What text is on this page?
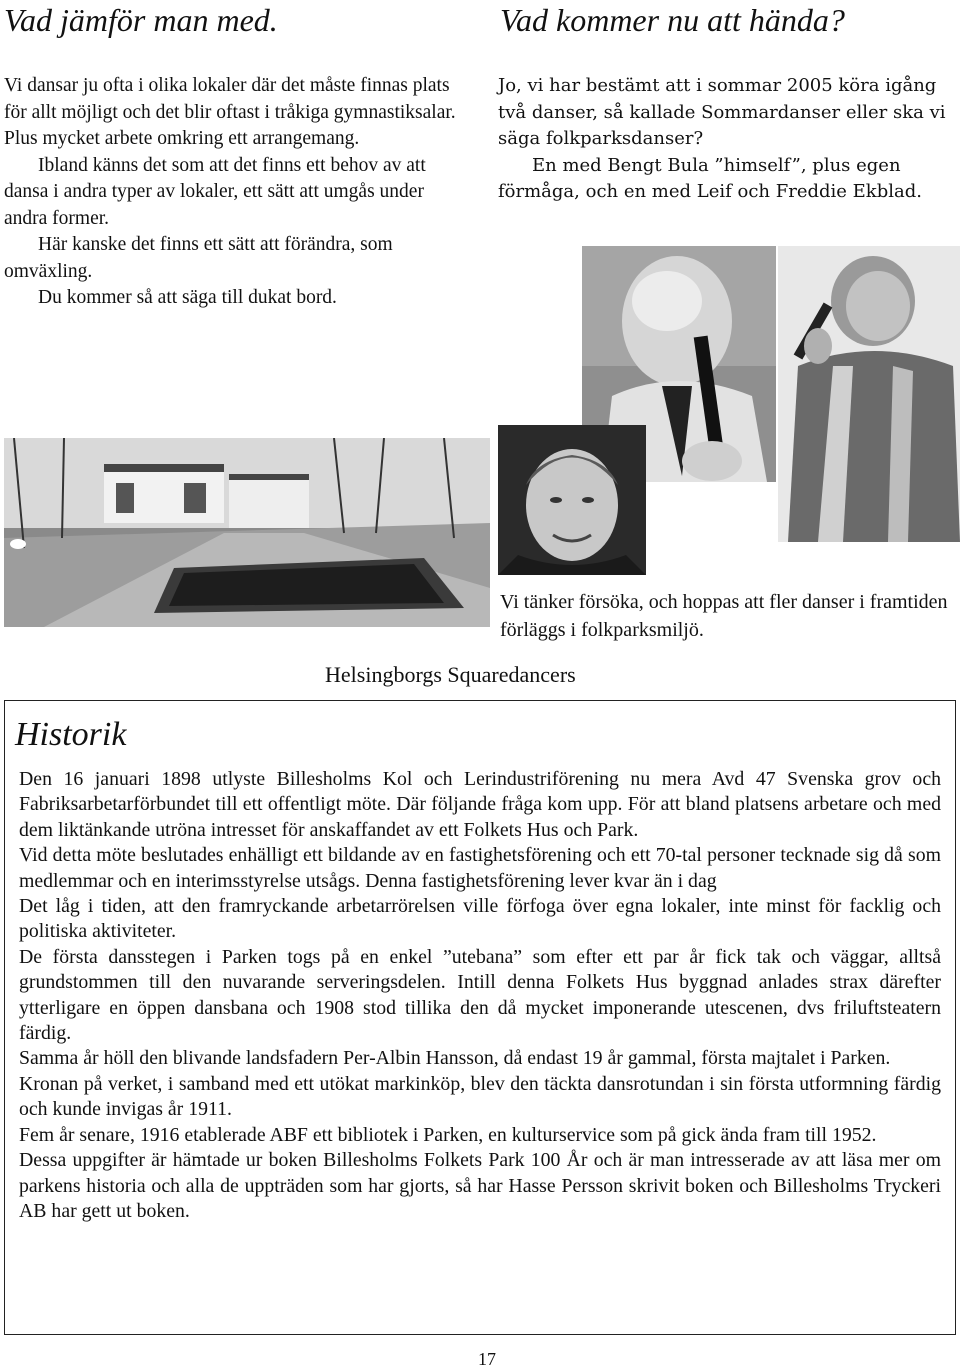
Vad jämför man med.

Vi dansar ju ofta i olika lokaler där det måste finnas plats för allt möjligt och det blir oftast i tråkiga gymnastiksalar. Plus mycket arbete omkring ett arrangemang.

Ibland känns det som att det finns ett behov av att dansa i andra typer av lokaler, ett sätt att umgås under andra former.

Här kanske det finns ett sätt att förändra, som omväxling.

Du kommer så att säga till dukat bord.

Vad kommer nu att hända?

Jo, vi har bestämt att i sommar 2005 köra igång två danser, så kallade Sommardanser eller ska vi säga folkparksdanser?

En med Bengt Bula ”himself”, plus egen förmåga, och en med Leif och Freddie Ekblad.

Vi tänker försöka, och hoppas att fler danser i framtiden förläggs i folkparksmiljö.
Helsingborgs Squaredancers
Historik

Den 16 januari 1898 utlyste Billesholms Kol och Lerindustriförening nu mera Avd 47 Svenska grov och Fabriksarbetarförbundet till ett offentligt möte. Där följande fråga kom upp. För att bland platsens arbetare och med dem liktänkande utröna intresset för anskaffandet av ett Folkets Hus och Park.

Vid detta möte beslutades enhälligt ett bildande av en fastighetsförening och ett 70-tal personer tecknade sig då som medlemmar och en interimsstyrelse utsågs. Denna fastighetsförening lever kvar än i dag

Det låg i tiden, att den framryckande arbetarrörelsen ville förfoga över egna lokaler, inte minst för facklig och politiska aktiviteter.

De första dansstegen i Parken togs på en enkel ”utebana” som efter ett par år fick tak och väggar, alltså grundstommen till den nuvarande serveringsdelen. Intill denna Folkets Hus byggnad anlades strax därefter ytterligare en öppen dansbana och 1908 stod tillika den då mycket imponerande utescenen, dvs friluftsteatern färdig.

Samma år höll den blivande landsfadern Per-Albin Hansson, då endast 19 år gammal, första majtalet i Parken.

Kronan på verket, i samband med ett utökat markinköp, blev den täckta dansrotundan i sin första utformning färdig och kunde invigas år 1911.

Fem år senare, 1916 etablerade ABF ett bibliotek i Parken, en kulturservice som på gick ända fram till 1952.

Dessa uppgifter är hämtade ur boken Billesholms Folkets Park 100 År och är man intresserade av att läsa mer om parkens historia och alla de uppträden som har gjorts, så har Hasse Persson skrivit boken och Billesholms Tryckeri AB har gett ut boken.

17
